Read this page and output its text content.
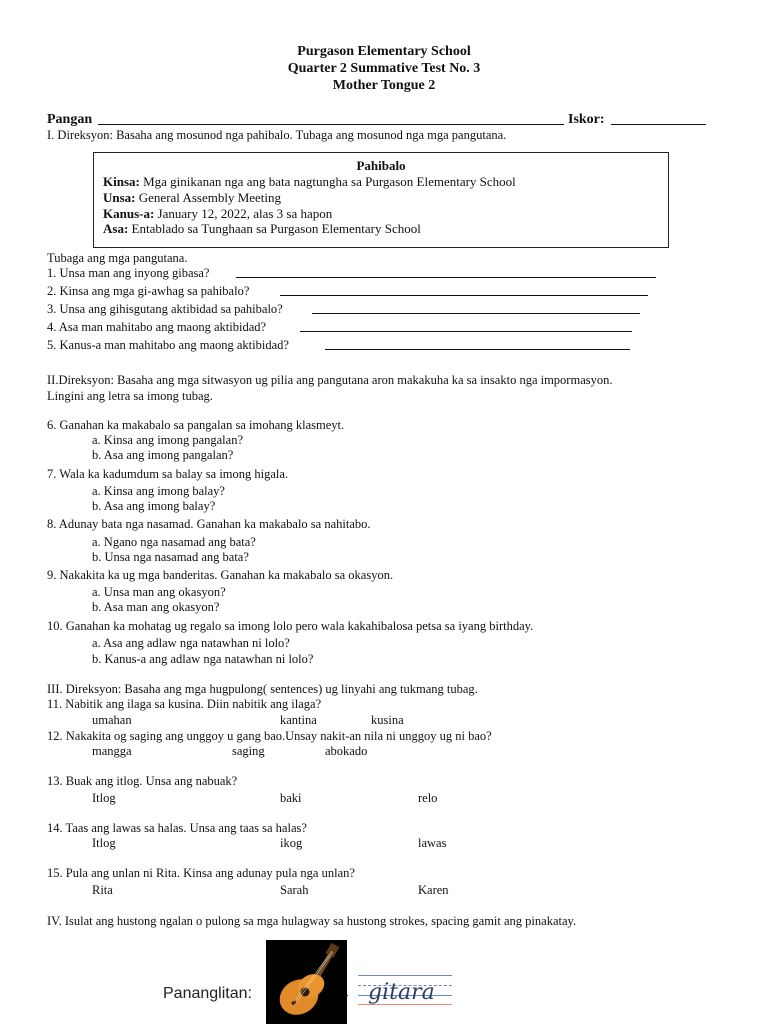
Purgason Elementary School
Quarter 2 Summative Test No. 3
Mother Tongue 2
Pangan	Iskor:
I. Direksyon: Basaha ang mosunod nga pahibalo. Tubaga ang mosunod nga mga pangutana.
Pahibalo
Kinsa: Mga ginikanan nga ang bata nagtungha sa Purgason Elementary School
Unsa: General Assembly Meeting
Kanus-a: January 12, 2022, alas 3 sa hapon
Asa: Entablado sa Tunghaan sa Purgason Elementary School
Tubaga ang mga pangutana.
1. Unsa man ang inyong gibasa?
2. Kinsa ang mga gi-awhag sa pahibalo?
3. Unsa ang gihisgutang aktibidad sa pahibalo?
4. Asa man mahitabo ang maong aktibidad?
5. Kanus-a man mahitabo ang maong aktibidad?
II.Direksyon: Basaha ang mga sitwasyon ug pilia ang pangutana aron makakuha ka sa insakto nga impormasyon.
Lingini ang letra sa imong tubag.
6. Ganahan ka makabalo sa pangalan sa imohang klasmeyt.
a. Kinsa ang imong pangalan?
b. Asa ang imong pangalan?
7. Wala ka kadumdum sa balay sa imong higala.
a. Kinsa ang imong balay?
b. Asa ang imong balay?
8. Adunay bata nga nasamad. Ganahan ka makabalo sa nahitabo.
a. Ngano nga nasamad ang bata?
b. Unsa nga nasamad ang bata?
9. Nakakita ka ug mga banderitas. Ganahan ka makabalo sa okasyon.
a. Unsa man ang okasyon?
b. Asa man ang okasyon?
10. Ganahan ka mohatag ug regalo sa imong lolo pero wala kakahibalosa petsa sa iyang birthday.
a. Asa ang adlaw nga natawhan ni lolo?
b. Kanus-a ang adlaw nga natawhan ni lolo?
III. Direksyon: Basaha ang mga hugpulong( sentences) ug linyahi ang tukmang tubag.
11. Nabitik ang ilaga sa kusina. Diin nabitik ang ilaga?
umahan	kantina	kusina
12. Nakakita og saging ang unggoy u gang bao.Unsay nakit-an nila ni unggoy ug ni bao?
mangga	saging	abokado
13. Buak ang itlog. Unsa ang nabuak?
Itlog	baki	relo
14. Taas ang lawas sa halas. Unsa ang taas sa halas?
Itlog	ikog	lawas
15. Pula ang unlan ni Rita. Kinsa ang adunay pula nga unlan?
Rita	Sarah	Karen
IV. Isulat ang hustong ngalan o pulong sa mga hulagway sa hustong strokes, spacing gamit ang pinakatay.
Pananglitan:	- gitara
